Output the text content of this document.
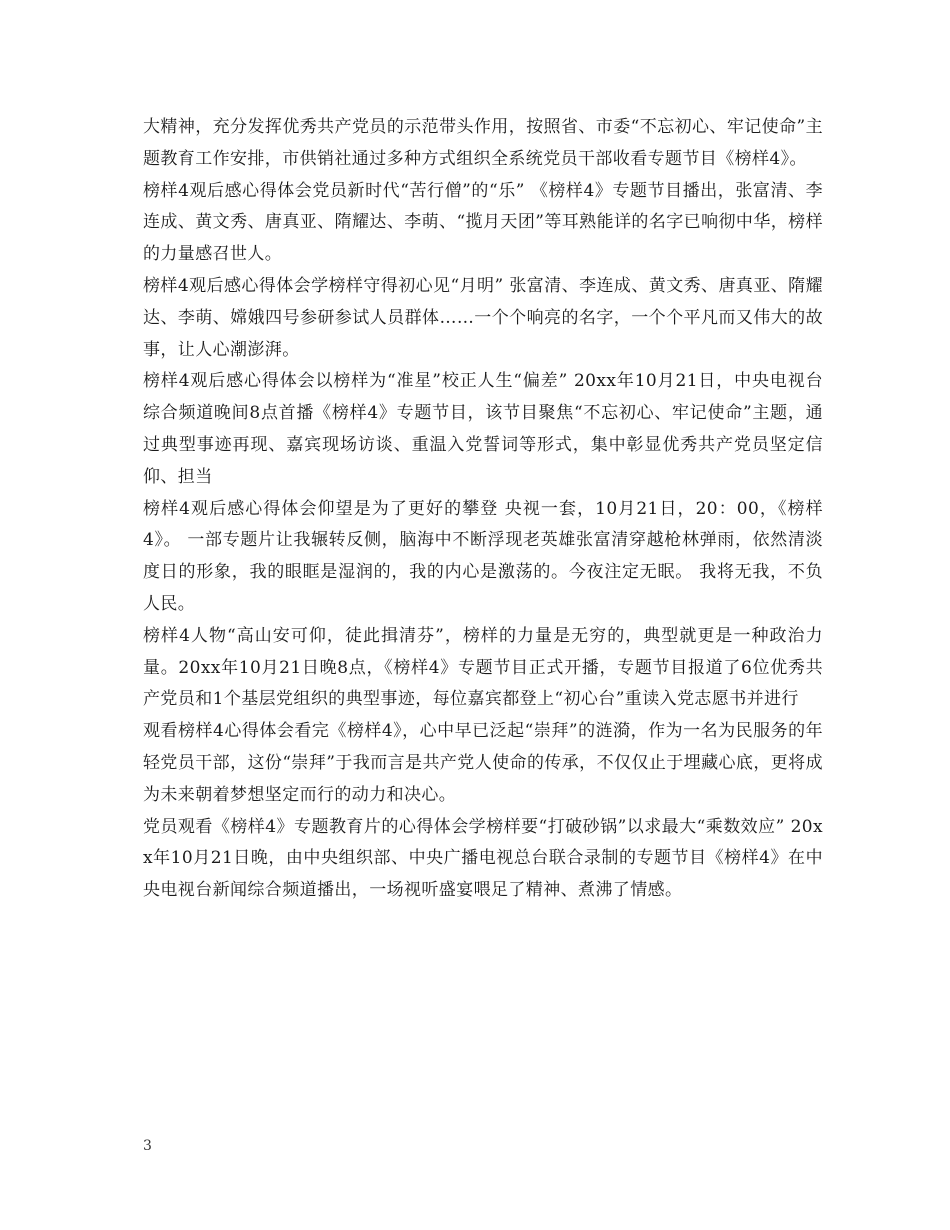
大精神，充分发挥优秀共产党员的示范带头作用，按照省、市委“不忘初心、牢记使命”主题教育工作安排，市供销社通过多种方式组织全系统党员干部收看专题节目《榜样4》。

榜样4观后感心得体会党员新时代“苦行僧”的“乐” 《榜样4》专题节目播出，张富清、李连成、黄文秀、唐真亚、隋耀达、李萌、“揽月天团”等耳熟能详的名字已响彻中华，榜样的力量感召世人。

榜样4观后感心得体会学榜样守得初心见“月明” 张富清、李连成、黄文秀、唐真亚、隋耀达、李萌、嫦娥四号参研参试人员群体……一个个响亮的名字，一个个平凡而又伟大的故事，让人心潮澎湃。

榜样4观后感心得体会以榜样为“准星”校正人生“偏差” 20xx年10月21日，中央电视台综合频道晚间8点首播《榜样4》专题节目，该节目聚焦“不忘初心、牢记使命”主题，通过典型事迹再现、嘉宾现场访谈、重温入党誓词等形式，集中彰显优秀共产党员坚定信仰、担当

榜样4观后感心得体会仰望是为了更好的攀登 央视一套，10月21日，20：00，《榜样4》。 一部专题片让我辗转反侧，脑海中不断浮现老英雄张富清穿越枪林弹雨，依然清淡度日的形象，我的眼眶是湿润的，我的内心是激荡的。今夜注定无眠。 我将无我，不负人民。

榜样4人物“高山安可仰，徒此揖清芬”，榜样的力量是无穷的，典型就更是一种政治力量。20xx年10月21日晚8点，《榜样4》专题节目正式开播，专题节目报道了6位优秀共产党员和1个基层党组织的典型事迹，每位嘉宾都登上“初心台”重读入党志愿书并进行

观看榜样4心得体会看完《榜样4》，心中早已泛起“崇拜”的涟漪，作为一名为民服务的年轻党员干部，这份“崇拜”于我而言是共产党人使命的传承，不仅仅止于埋藏心底，更将成为未来朝着梦想坚定而行的动力和决心。

党员观看《榜样4》专题教育片的心得体会学榜样要“打破砂锅”以求最大“乘数效应” 20xx年10月21日晚，由中央组织部、中央广播电视总台联合录制的专题节目《榜样4》在中央电视台新闻综合频道播出，一场视听盛宴喂足了精神、煮沸了情感。

3
